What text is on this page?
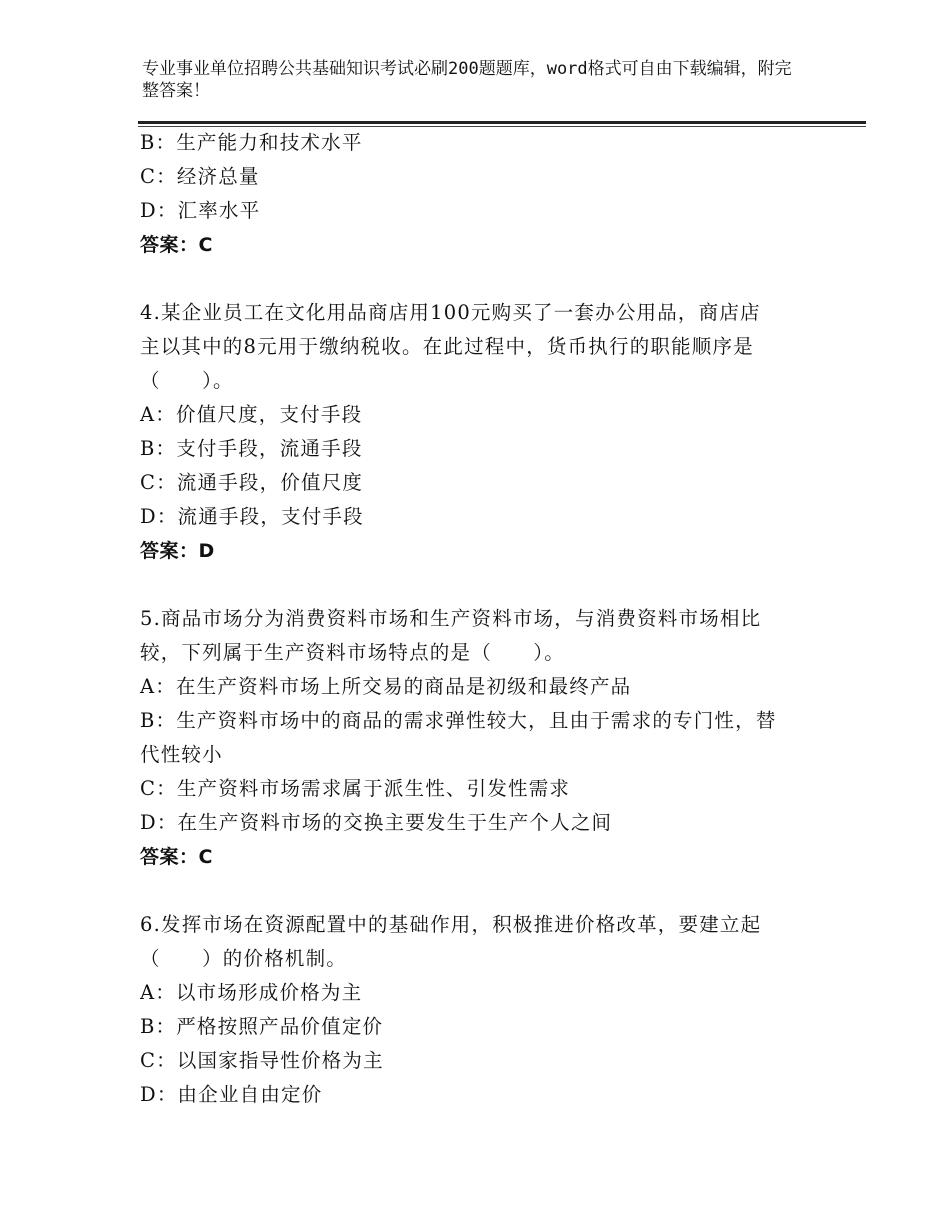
专业事业单位招聘公共基础知识考试必刷200题题库，word格式可自由下载编辑，附完整答案！
B：生产能力和技术水平
C：经济总量
D：汇率水平
答案：C
4.某企业员工在文化用品商店用100元购买了一套办公用品，商店店
主以其中的8元用于缴纳税收。在此过程中，货币执行的职能顺序是
（　　）。
A：价值尺度，支付手段
B：支付手段，流通手段
C：流通手段，价值尺度
D：流通手段，支付手段
答案：D
5.商品市场分为消费资料市场和生产资料市场，与消费资料市场相比
较，下列属于生产资料市场特点的是（　　）。
A：在生产资料市场上所交易的商品是初级和最终产品
B：生产资料市场中的商品的需求弹性较大，且由于需求的专门性，替
代性较小
C：生产资料市场需求属于派生性、引发性需求
D：在生产资料市场的交换主要发生于生产个人之间
答案：C
6.发挥市场在资源配置中的基础作用，积极推进价格改革，要建立起
（　　）的价格机制。
A：以市场形成价格为主
B：严格按照产品价值定价
C：以国家指导性价格为主
D：由企业自由定价
